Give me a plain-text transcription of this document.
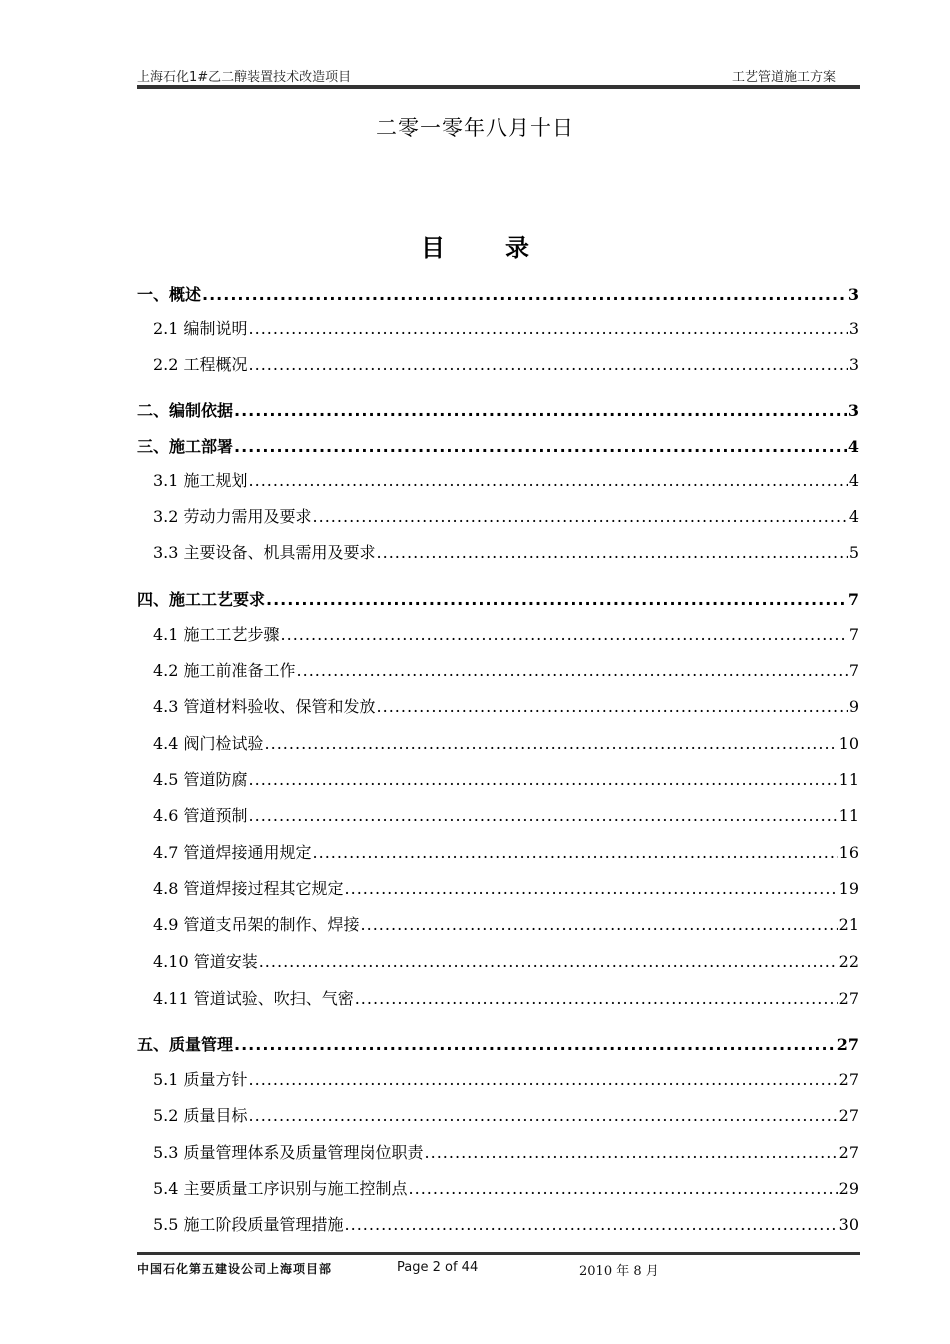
上海石化1#乙二醇装置技术改造项目	工艺管道施工方案
二零一零年八月十日
目	录
一、概述 .....	3
2.1 编制说明 .....	3
2.2 工程概况 .....	3
二、编制依据 .....	3
三、施工部署 .....	4
3.1 施工规划 .....	4
3.2 劳动力需用及要求 .....	4
3.3 主要设备、机具需用及要求 .....	5
四、施工工艺要求 .....	7
4.1 施工工艺步骤 .....	7
4.2 施工前准备工作 .....	7
4.3 管道材料验收、保管和发放 .....	9
4.4 阀门检试验 .....	10
4.5 管道防腐 .....	11
4.6 管道预制 .....	11
4.7 管道焊接通用规定 .....	16
4.8 管道焊接过程其它规定 .....	19
4.9 管道支吊架的制作、焊接 .....	21
4.10 管道安装 .....	22
4.11 管道试验、吹扫、气密 .....	27
五、质量管理 .....	27
5.1 质量方针 .....	27
5.2 质量目标 .....	27
5.3 质量管理体系及质量管理岗位职责 .....	27
5.4 主要质量工序识别与施工控制点 .....	29
5.5 施工阶段质量管理措施 .....	30
中国石化第五建设公司上海项目部	Page 2 of 44	2010 年 8 月
